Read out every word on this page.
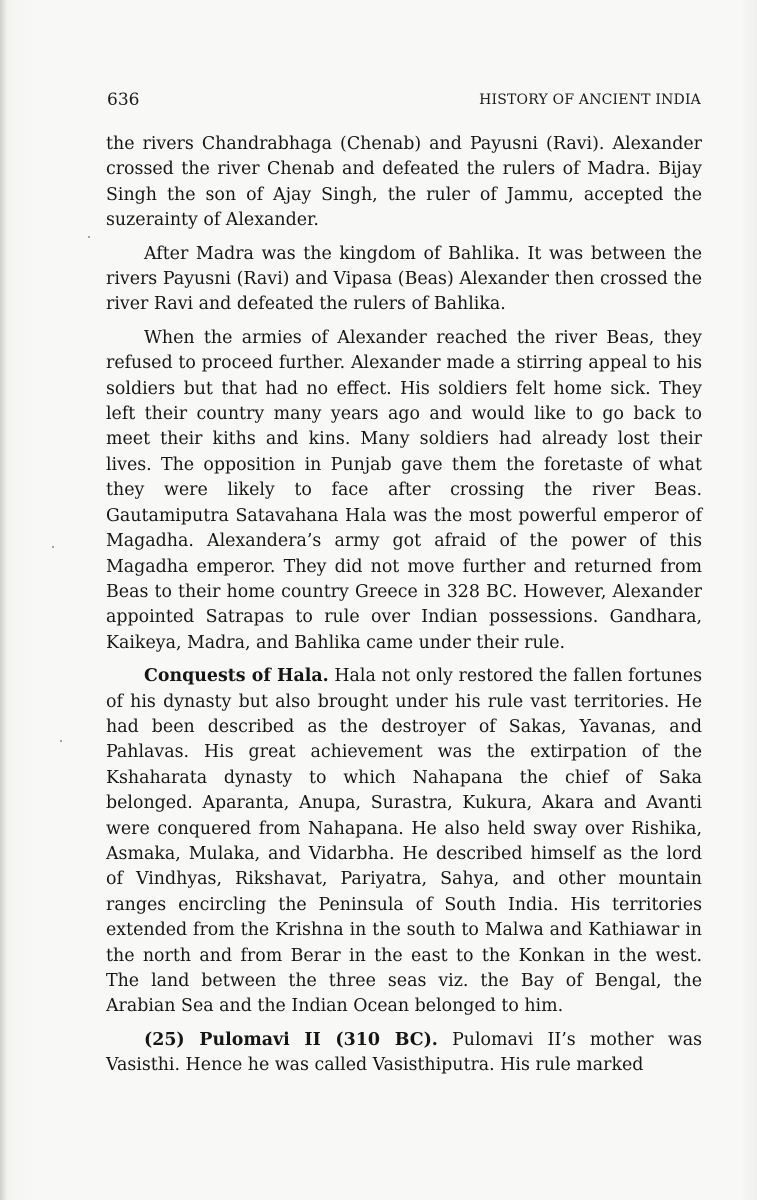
636	HISTORY OF ANCIENT INDIA

the rivers Chandrabhaga (Chenab) and Payusni (Ravi). Alexander crossed the river Chenab and defeated the rulers of Madra. Bijay Singh the son of Ajay Singh, the ruler of Jammu, accepted the suzerainty of Alexander.

After Madra was the kingdom of Bahlika. It was between the rivers Payusni (Ravi) and Vipasa (Beas) Alexander then crossed the river Ravi and defeated the rulers of Bahlika.

When the armies of Alexander reached the river Beas, they refused to proceed further. Alexander made a stirring appeal to his soldiers but that had no effect. His soldiers felt home sick. They left their country many years ago and would like to go back to meet their kiths and kins. Many soldiers had already lost their lives. The opposition in Punjab gave them the foretaste of what they were likely to face after crossing the river Beas. Gautamiputra Satavahana Hala was the most powerful emperor of Magadha. Alexandera’s army got afraid of the power of this Magadha emperor. They did not move further and returned from Beas to their home country Greece in 328 BC. However, Alexander appointed Satrapas to rule over Indian possessions. Gandhara, Kaikeya, Madra, and Bahlika came under their rule.

Conquests of Hala. Hala not only restored the fallen fortunes of his dynasty but also brought under his rule vast territories. He had been described as the destroyer of Sakas, Yavanas, and Pahlavas. His great achievement was the extirpation of the Kshaharata dynasty to which Nahapana the chief of Saka belonged. Aparanta, Anupa, Surastra, Kukura, Akara and Avanti were conquered from Nahapana. He also held sway over Rishika, Asmaka, Mulaka, and Vidarbha. He described himself as the lord of Vindhyas, Rikshavat, Pariyatra, Sahya, and other mountain ranges encircling the Peninsula of South India. His territories extended from the Krishna in the south to Malwa and Kathiawar in the north and from Berar in the east to the Konkan in the west. The land between the three seas viz. the Bay of Bengal, the Arabian Sea and the Indian Ocean belonged to him.

(25) Pulomavi II (310 BC). Pulomavi II’s mother was Vasisthi. Hence he was called Vasisthiputra. His rule marked
